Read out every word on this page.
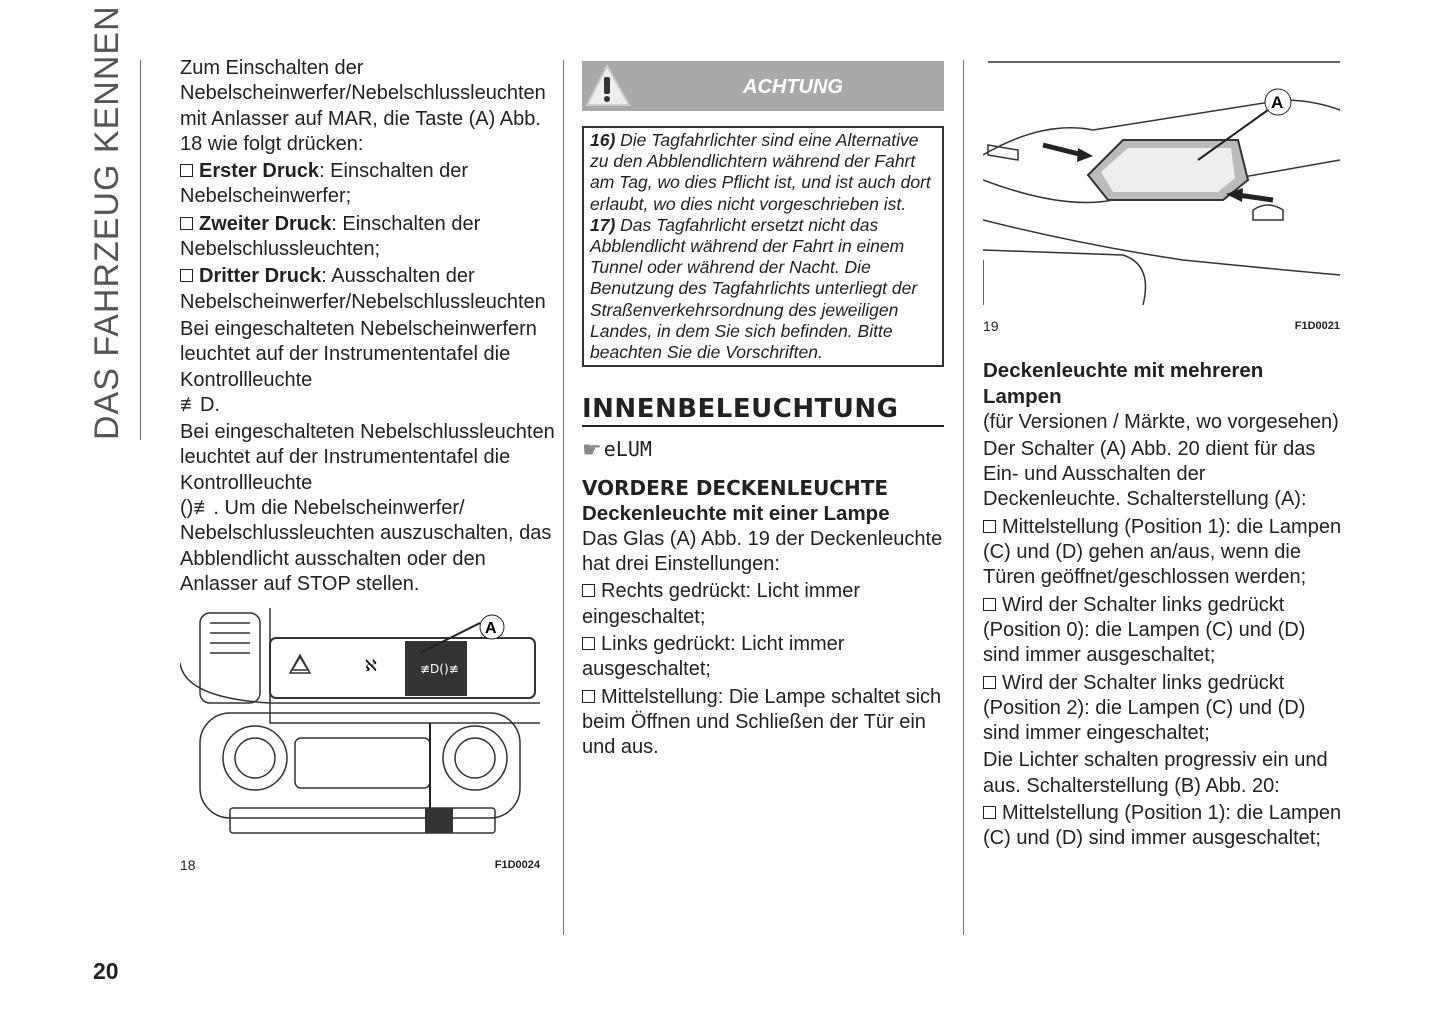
DAS FAHRZEUG KENNEN
20

Zum Einschalten der Nebelscheinwerfer/Nebelschlussleuchten mit Anlasser auf MAR, die Taste (A) Abb. 18 wie folgt drücken:

Erster Druck: Einschalten der Nebelscheinwerfer;

Zweiter Druck: Einschalten der Nebelschlussleuchten;

Dritter Druck: Ausschalten der Nebelscheinwerfer/Nebelschlussleuchten

Bei eingeschalteten Nebelscheinwerfern leuchtet auf der Instrumententafel die Kontrollleuchte
≢D.

Bei eingeschalteten Nebelschlussleuchten leuchtet auf der Instrumententafel die Kontrollleuchte
()≢. Um die Nebelscheinwerfer/ Nebelschlussleuchten auszuschalten, das Abblendlicht ausschalten oder den Anlasser auf STOP stellen.

≢D()≢
ℵ
A
18	F1D0024
ACHTUNG
16) Die Tagfahrlichter sind eine Alternative zu den Abblendlichtern während der Fahrt am Tag, wo dies Pflicht ist, und ist auch dort erlaubt, wo dies nicht vorgeschrieben ist.
17) Das Tagfahrlicht ersetzt nicht das Abblendlicht während der Fahrt in einem Tunnel oder während der Nacht. Die Benutzung des Tagfahrlichts unterliegt der Straßenverkehrsordnung des jeweiligen Landes, in dem Sie sich befinden. Bitte beachten Sie die Vorschriften.
INNENBELEUCHTUNG
☛ eLUM
VORDERE DECKENLEUCHTE
Deckenleuchte mit einer Lampe

Das Glas (A) Abb. 19 der Deckenleuchte hat drei Einstellungen:

Rechts gedrückt: Licht immer eingeschaltet;

Links gedrückt: Licht immer ausgeschaltet;

Mittelstellung: Die Lampe schaltet sich beim Öffnen und Schließen der Tür ein und aus.

A
19	F1D0021
Deckenleuchte mit mehreren Lampen

(für Versionen / Märkte, wo vorgesehen)

Der Schalter (A) Abb. 20 dient für das Ein- und Ausschalten der Deckenleuchte. Schalterstellung (A):

Mittelstellung (Position 1): die Lampen (C) und (D) gehen an/aus, wenn die Türen geöffnet/geschlossen werden;

Wird der Schalter links gedrückt (Position 0): die Lampen (C) und (D) sind immer ausgeschaltet;

Wird der Schalter links gedrückt (Position 2): die Lampen (C) und (D) sind immer eingeschaltet;

Die Lichter schalten progressiv ein und aus. Schalterstellung (B) Abb. 20:

Mittelstellung (Position 1): die Lampen (C) und (D) sind immer ausgeschaltet;
